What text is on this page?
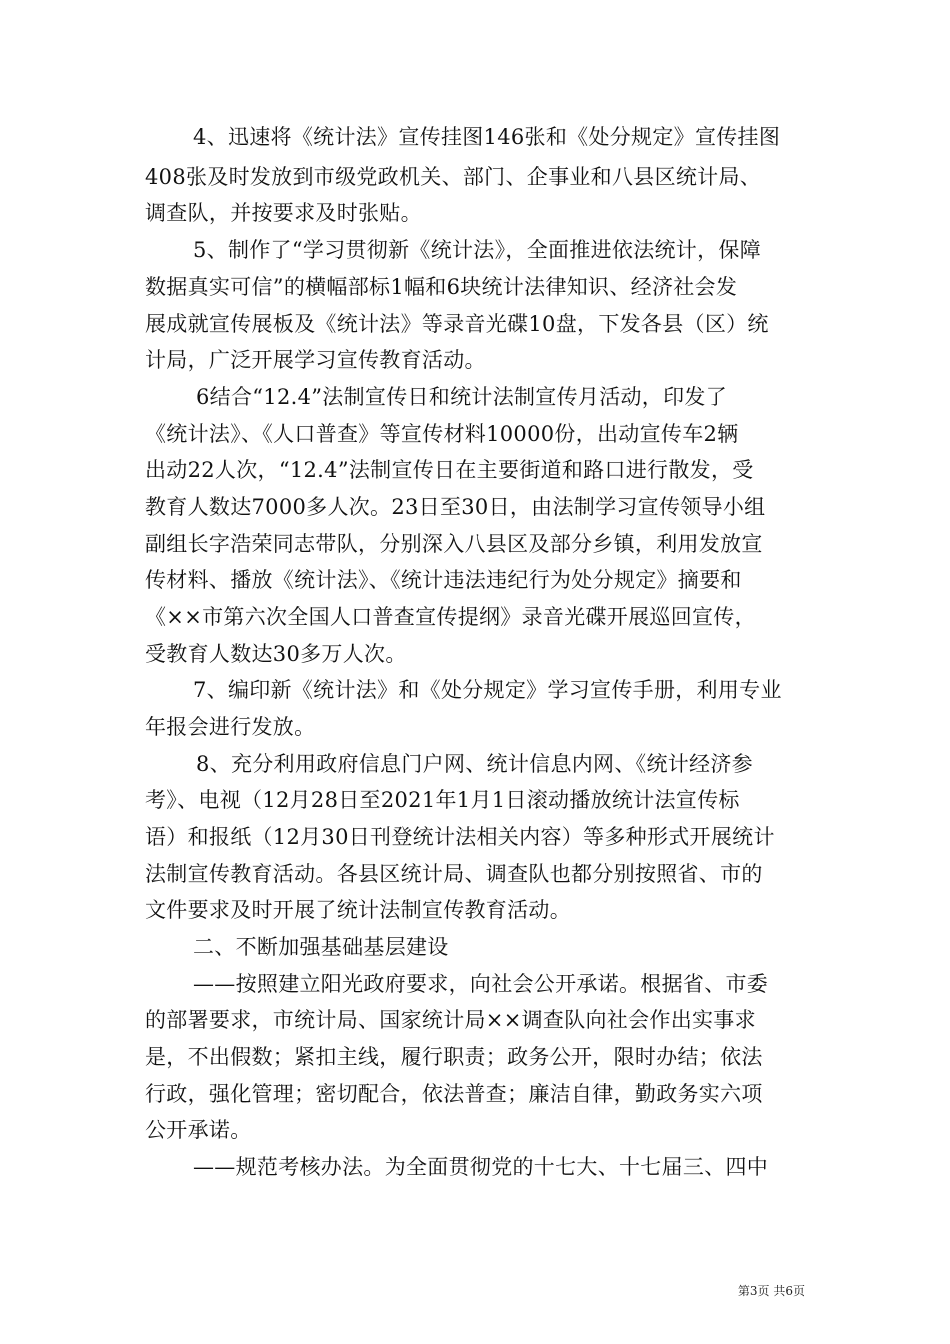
4、迅速将《统计法》宣传挂图146张和《处分规定》宣传挂图
408张及时发放到市级党政机关、部门、企事业和八县区统计局、
调查队，并按要求及时张贴。
5、制作了“学习贯彻新《统计法》，全面推进依法统计，保障
数据真实可信”的横幅部标1幅和6块统计法律知识、经济社会发
展成就宣传展板及《统计法》等录音光碟10盘，下发各县（区）统
计局，广泛开展学习宣传教育活动。
6结合“12.4”法制宣传日和统计法制宣传月活动，印发了
《统计法》、《人口普查》等宣传材料10000份，出动宣传车2辆
出动22人次，“12.4”法制宣传日在主要街道和路口进行散发，受
教育人数达7000多人次。23日至30日，由法制学习宣传领导小组
副组长字浩荣同志带队，分别深入八县区及部分乡镇，利用发放宣
传材料、播放《统计法》、《统计违法违纪行为处分规定》摘要和
《××市第六次全国人口普查宣传提纲》录音光碟开展巡回宣传，
受教育人数达30多万人次。
7、编印新《统计法》和《处分规定》学习宣传手册，利用专业
年报会进行发放。
8、充分利用政府信息门户网、统计信息内网、《统计经济参
考》、电视（12月28日至2021年1月1日滚动播放统计法宣传标
语）和报纸（12月30日刊登统计法相关内容）等多种形式开展统计
法制宣传教育活动。各县区统计局、调查队也都分别按照省、市的
文件要求及时开展了统计法制宣传教育活动。
二、不断加强基础基层建设
——按照建立阳光政府要求，向社会公开承诺。根据省、市委
的部署要求，市统计局、国家统计局××调查队向社会作出实事求
是，不出假数；紧扣主线，履行职责；政务公开，限时办结；依法
行政，强化管理；密切配合，依法普查；廉洁自律，勤政务实六项
公开承诺。
——规范考核办法。为全面贯彻党的十七大、十七届三、四中
第3页 共6页
